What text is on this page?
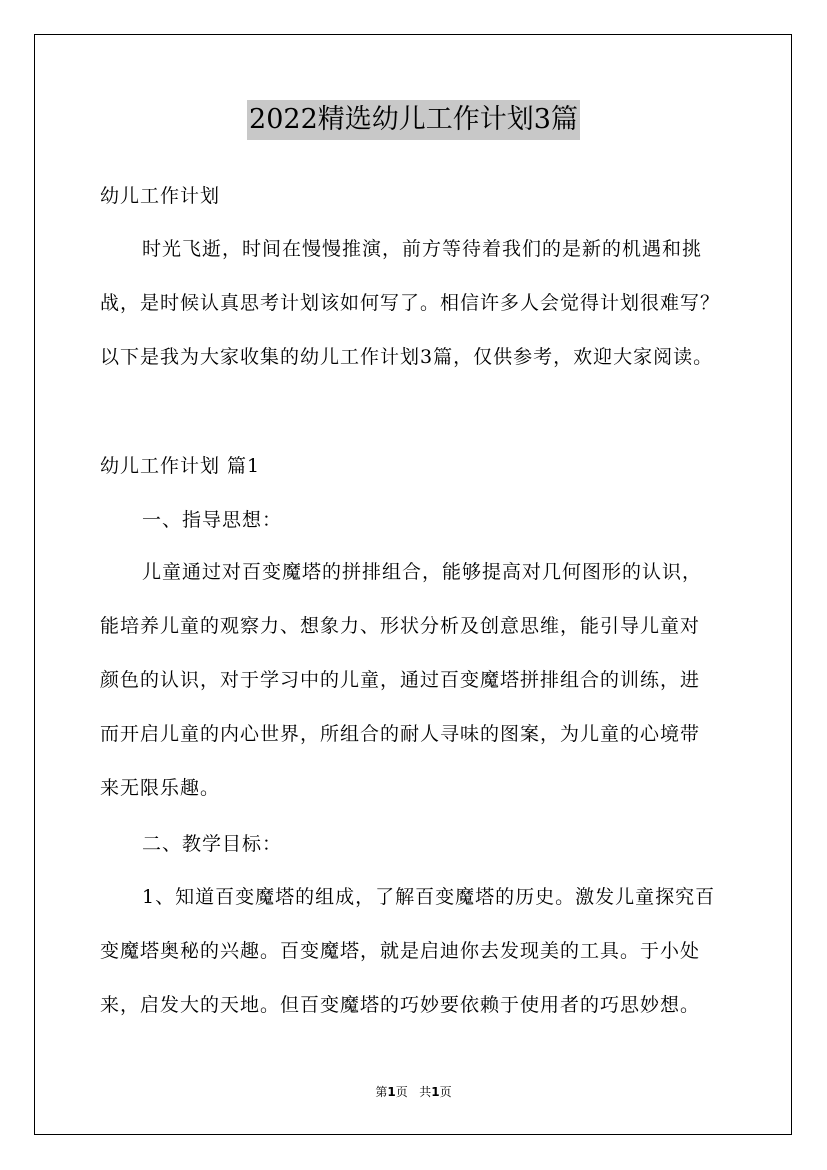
2022精选幼儿工作计划3篇
幼儿工作计划
时光飞逝，时间在慢慢推演，前方等待着我们的是新的机遇和挑
战，是时候认真思考计划该如何写了。相信许多人会觉得计划很难写？
以下是我为大家收集的幼儿工作计划3篇，仅供参考，欢迎大家阅读。
幼儿工作计划 篇1
一、指导思想：
儿童通过对百变魔塔的拼排组合，能够提高对几何图形的认识，
能培养儿童的观察力、想象力、形状分析及创意思维，能引导儿童对
颜色的认识，对于学习中的儿童，通过百变魔塔拼排组合的训练，进
而开启儿童的内心世界，所组合的耐人寻味的图案，为儿童的心境带
来无限乐趣。
二、教学目标：
1、知道百变魔塔的组成，了解百变魔塔的历史。激发儿童探究百
变魔塔奥秘的兴趣。百变魔塔，就是启迪你去发现美的工具。于小处
来，启发大的天地。但百变魔塔的巧妙要依赖于使用者的巧思妙想。
第1页 共1页
